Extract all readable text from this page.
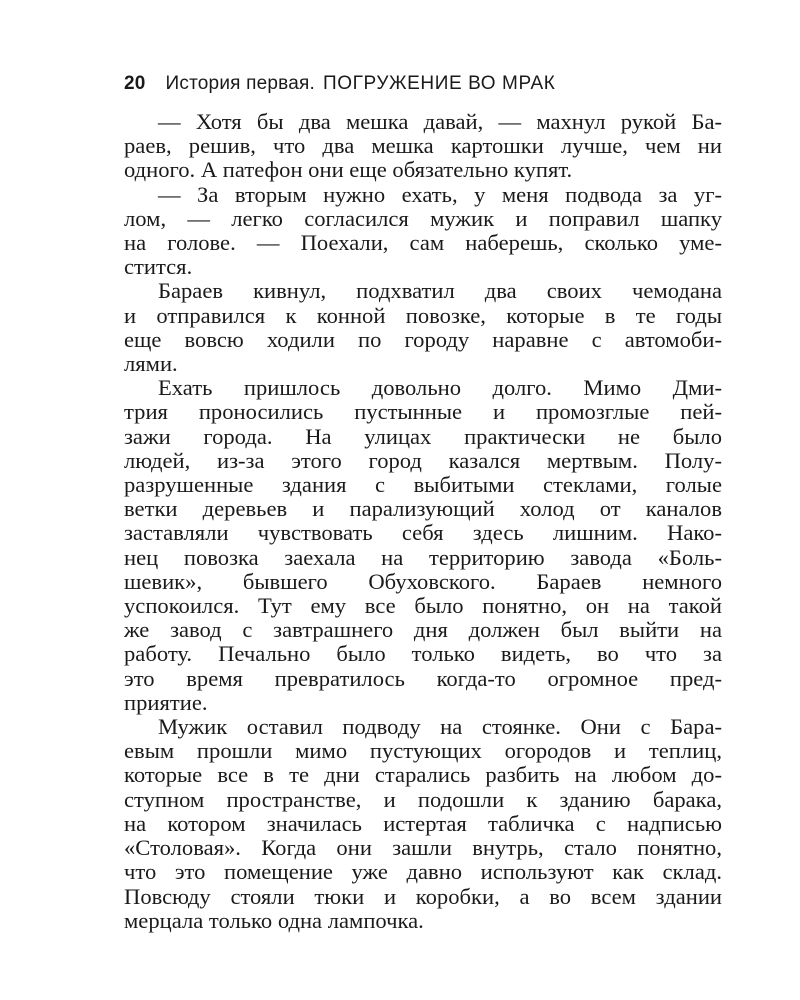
20 История первая. ПОГРУЖЕНИЕ ВО МРАК

— Хотя бы два мешка давай, — махнул рукой Ба-
раев, решив, что два мешка картошки лучше, чем ни
одного. А патефон они еще обязательно купят.

— За вторым нужно ехать, у меня подвода за уг-
лом, — легко согласился мужик и поправил шапку
на голове. — Поехали, сам наберешь, сколько уме-
стится.

Бараев кивнул, подхватил два своих чемодана
и отправился к конной повозке, которые в те годы
еще вовсю ходили по городу наравне с автомоби-
лями.

Ехать пришлось довольно долго. Мимо Дми-
трия проносились пустынные и промозглые пей-
зажи города. На улицах практически не было
людей, из-за этого город казался мертвым. Полу-
разрушенные здания с выбитыми стеклами, голые
ветки деревьев и парализующий холод от каналов
заставляли чувствовать себя здесь лишним. Нако-
нец повозка заехала на территорию завода «Боль-
шевик», бывшего Обуховского. Бараев немного
успокоился. Тут ему все было понятно, он на такой
же завод с завтрашнего дня должен был выйти на
работу. Печально было только видеть, во что за
это время превратилось когда-то огромное пред-
приятие.

Мужик оставил подводу на стоянке. Они с Бара-
евым прошли мимо пустующих огородов и теплиц,
которые все в те дни старались разбить на любом до-
ступном пространстве, и подошли к зданию барака,
на котором значилась истертая табличка с надписью
«Столовая». Когда они зашли внутрь, стало понятно,
что это помещение уже давно используют как склад.
Повсюду стояли тюки и коробки, а во всем здании
мерцала только одна лампочка.
